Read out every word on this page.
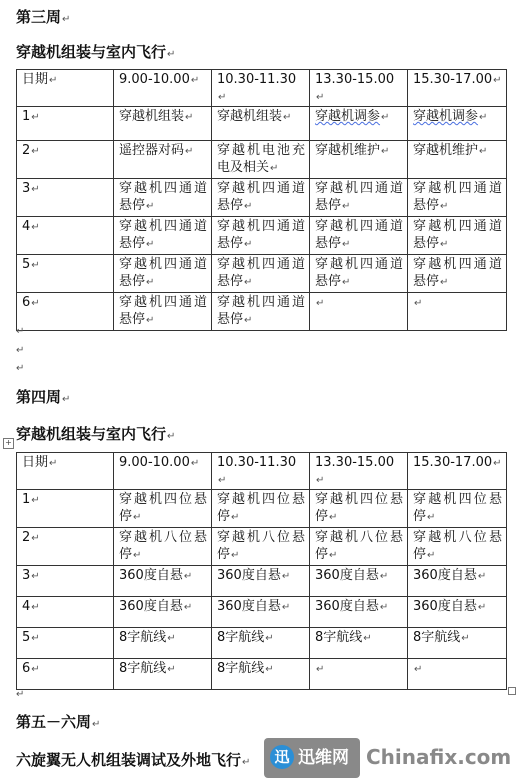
第三周↵
穿越机组装与室内飞行↵
日期↵	9.00-10.00↵	10.30-11.30↵	13.30-15.00↵	15.30-17.00↵
1↵	穿越机组装↵	穿越机组装↵	穿越机调参↵	穿越机调参↵
2↵	遥控器对码↵	穿越机电池充电及相关↵	穿越机维护↵	穿越机维护↵
3↵	穿越机四通道悬停↵	穿越机四通道悬停↵	穿越机四通道悬停↵	穿越机四通道悬停↵
4↵	穿越机四通道悬停↵	穿越机四通道悬停↵	穿越机四通道悬停↵	穿越机四通道悬停↵
5↵	穿越机四通道悬停↵	穿越机四通道悬停↵	穿越机四通道悬停↵	穿越机四通道悬停↵
6↵	穿越机四通道悬停↵	穿越机四通道悬停↵	↵	↵
↵
↵
↵
第四周↵
+ 穿越机组装与室内飞行↵
日期↵	9.00-10.00↵	10.30-11.30↵	13.30-15.00↵	15.30-17.00↵
1↵	穿越机四位悬停↵	穿越机四位悬停↵	穿越机四位悬停↵	穿越机四位悬停↵
2↵	穿越机八位悬停↵	穿越机八位悬停↵	穿越机八位悬停↵	穿越机八位悬停↵
3↵	360度自悬↵	360度自悬↵	360度自悬↵	360度自悬↵
4↵	360度自悬↵	360度自悬↵	360度自悬↵	360度自悬↵
5↵	8字航线↵	8字航线↵	8字航线↵	8字航线↵
6↵	8字航线↵	8字航线↵	↵	↵
↵
第五－六周↵
六旋翼无人机组装调试及外地飞行↵ 迅 迅维网 Chinafix.com
